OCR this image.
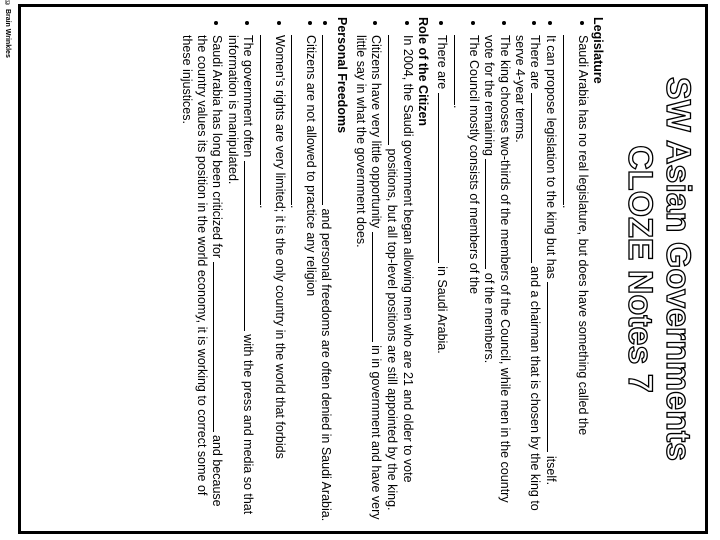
© Brain Wrinkles
SW Asian Governments
CLOZE Notes 7

Legislature

• Saudi Arabia has no real legislature, but does have something called the
.
• It can propose legislation to the king but has  itself.
• There are  and a chairman that is chosen by the king to serve 4-year terms.
• The king chooses two-thirds of the members of the Council, while men in the country vote for the remaining  of the members.
• The Council mostly consists of members of the
.
• There are  in Saudi Arabia.

Role of the Citizen

• In 2004, the Saudi government began allowing men who are 21 and older to vote  positions, but all top-level positions are still appointed by the king.
• Citizens have very little opportunity  in in government and have very little say in what the government does.

Personal Freedoms

• and personal freedoms are often denied in Saudi Arabia.
• Citizens are not allowed to practice any religion
.
• Women's rights are very limited; it is the only country in the world that forbids
.
• The government often  with the press and media so that information is manipulated.
• Saudi Arabia has long been criticized for  and because the country values its position in the world economy, it is working to correct some of these injustices.
